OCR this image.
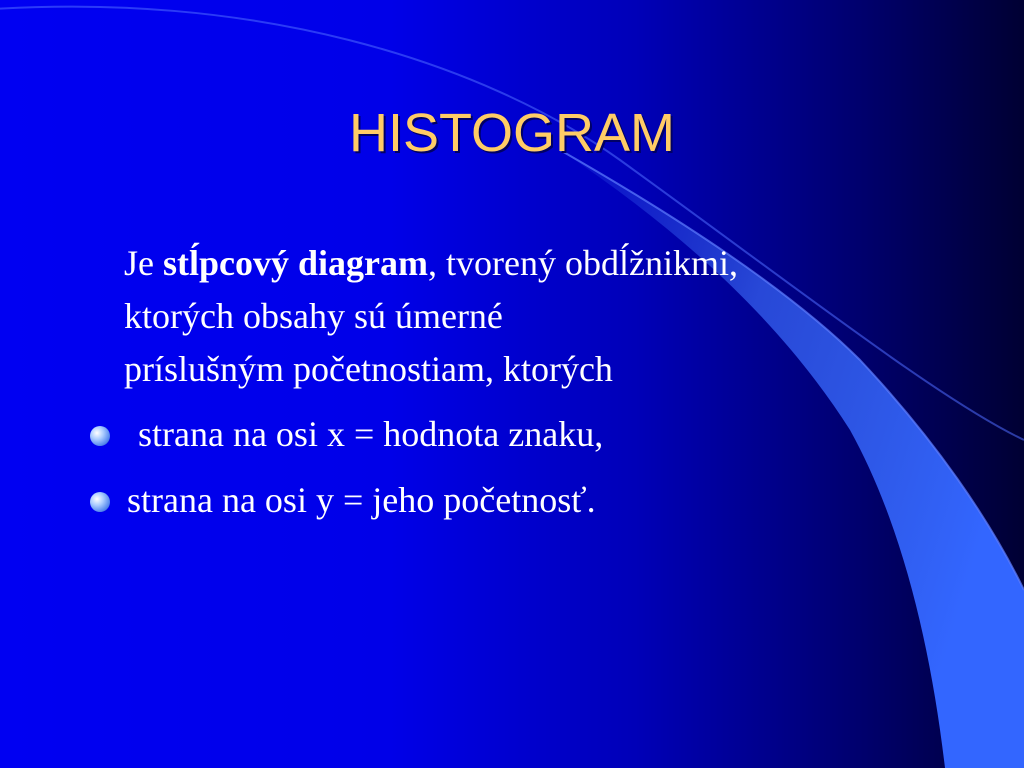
HISTOGRAM
Je stĺpcový diagram, tvorený obdĺžnikmi,
ktorých obsahy sú úmerné
príslušným početnostiam, ktorých
strana na osi x = hodnota znaku,
strana na osi y = jeho početnosť.
